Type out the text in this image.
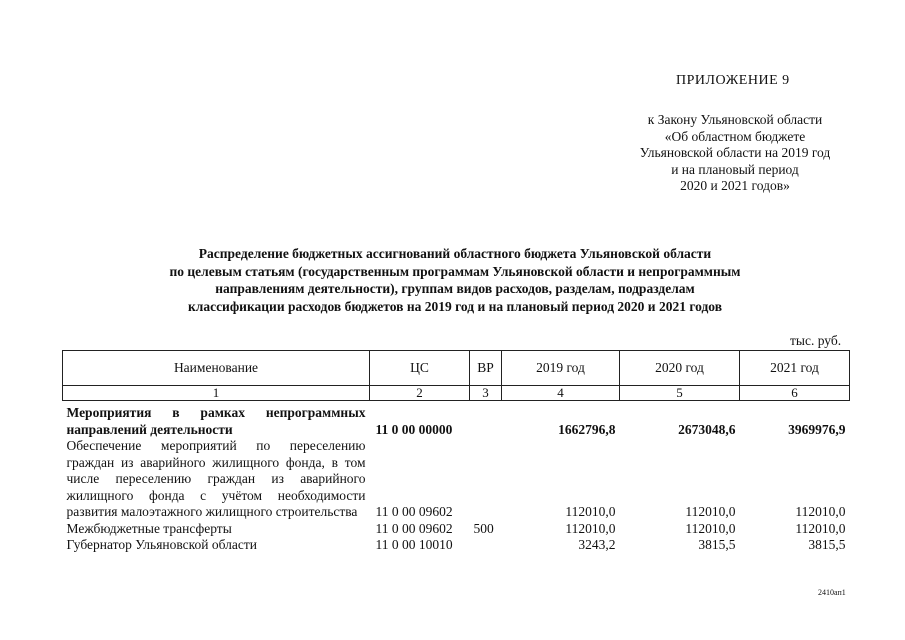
ПРИЛОЖЕНИЕ 9
к Закону Ульяновской области
«Об областном бюджете
Ульяновской области на 2019 год
и на плановый период
2020 и 2021 годов»
Распределение бюджетных ассигнований областного бюджета Ульяновской области
по целевым статьям (государственным программам Ульяновской области и непрограммным
направлениям деятельности), группам видов расходов, разделам, подразделам
классификации расходов бюджетов на 2019 год и на плановый период 2020 и 2021 годов
тыс. руб.
Наименование	ЦС	ВР	2019 год	2020 год	2021 год
1	2	3	4	5	6
Мероприятия в рамках непрограммных направлений деятельности	11 0 00 00000		1662796,8	2673048,6	3969976,9
Обеспечение мероприятий по переселению граждан из аварийного жилищного фонда, в том числе переселению граждан из аварийного жилищного фонда с учётом необходимости развития малоэтажного жилищного строительства	11 0 00 09602		112010,0	112010,0	112010,0
Межбюджетные трансферты	11 0 00 09602	500	112010,0	112010,0	112010,0
Губернатор Ульяновской области	11 0 00 10010		3243,2	3815,5	3815,5
2410ап1
